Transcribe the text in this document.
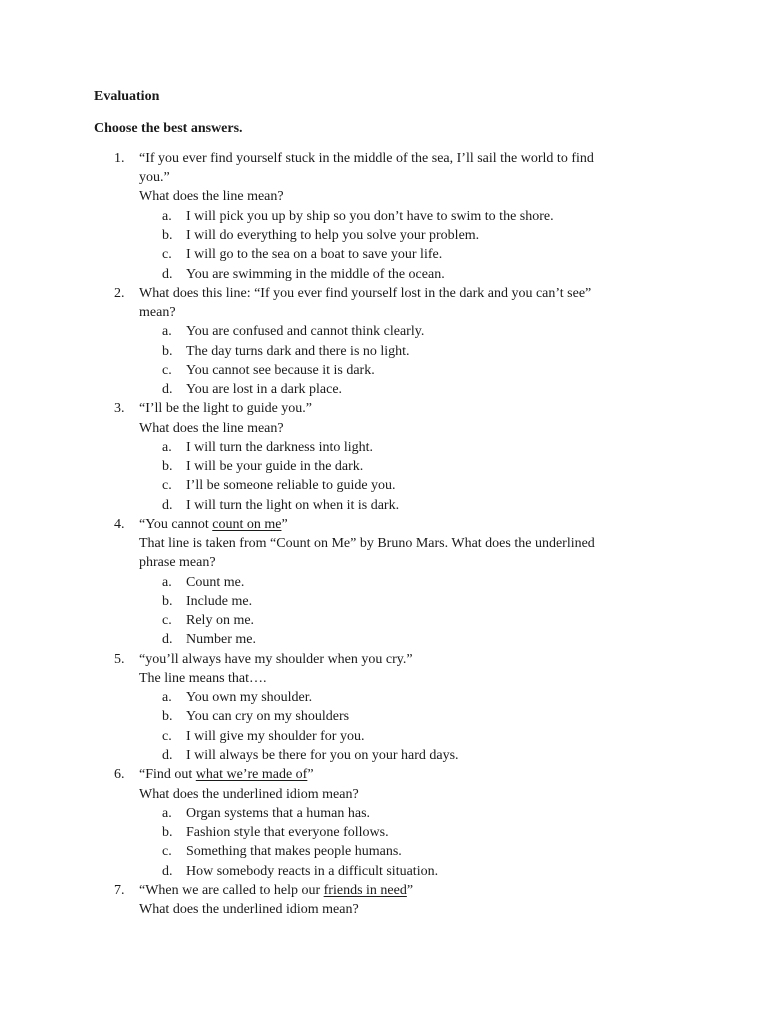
Evaluation
Choose the best answers.
1.	“If you ever find yourself stuck in the middle of the sea, I’ll sail the world to find
you.”
What does the line mean?
a. I will pick you up by ship so you don’t have to swim to the shore.
b. I will do everything to help you solve your problem.
c. I will go to the sea on a boat to save your life.
d. You are swimming in the middle of the ocean.
2.	What does this line: “If you ever find yourself lost in the dark and you can’t see”
mean?
a. You are confused and cannot think clearly.
b. The day turns dark and there is no light.
c. You cannot see because it is dark.
d. You are lost in a dark place.
3.	“I’ll be the light to guide you.”
What does the line mean?
a. I will turn the darkness into light.
b. I will be your guide in the dark.
c. I’ll be someone reliable to guide you.
d. I will turn the light on when it is dark.
4.	“You cannot count on me”
That line is taken from “Count on Me” by Bruno Mars. What does the underlined
phrase mean?
a. Count me.
b. Include me.
c. Rely on me.
d. Number me.
5.	“you’ll always have my shoulder when you cry.”
The line means that….
a. You own my shoulder.
b. You can cry on my shoulders
c. I will give my shoulder for you.
d. I will always be there for you on your hard days.
6.	“Find out what we’re made of”
What does the underlined idiom mean?
a. Organ systems that a human has.
b. Fashion style that everyone follows.
c. Something that makes people humans.
d. How somebody reacts in a difficult situation.
7.	“When we are called to help our friends in need”
What does the underlined idiom mean?
